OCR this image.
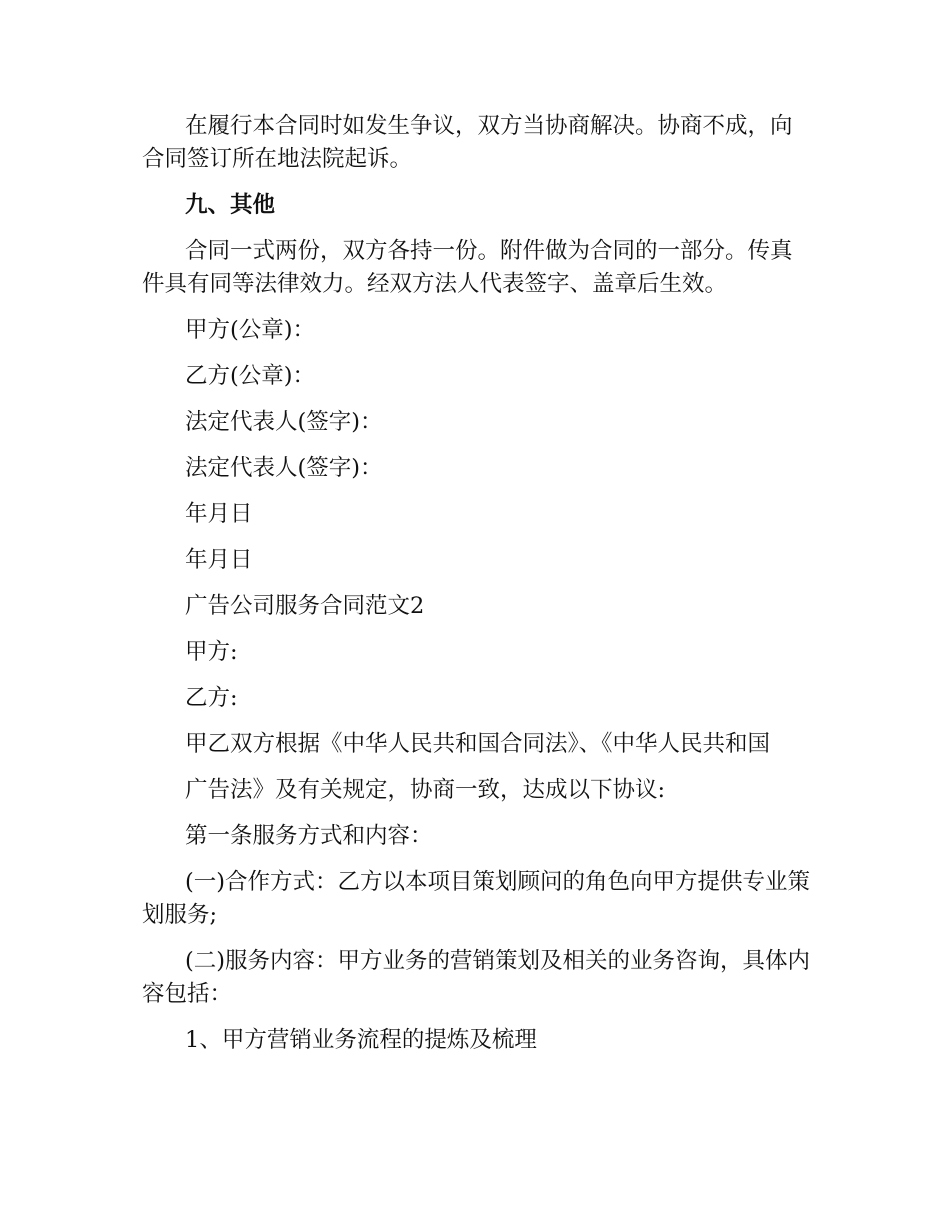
在履行本合同时如发生争议，双方当协商解决。协商不成，向合同签订所在地法院起诉。

九、其他

合同一式两份，双方各持一份。附件做为合同的一部分。传真件具有同等法律效力。经双方法人代表签字、盖章后生效。

甲方(公章)：

乙方(公章)：

法定代表人(签字)：

法定代表人(签字)：

年月日

年月日

广告公司服务合同范文2

甲方:

乙方:

甲乙双方根据《中华人民共和国合同法》、《中华人民共和国

广告法》及有关规定，协商一致，达成以下协议:

第一条服务方式和内容：

(一)合作方式：乙方以本项目策划顾问的角色向甲方提供专业策划服务;

(二)服务内容：甲方业务的营销策划及相关的业务咨询，具体内容包括：

1、甲方营销业务流程的提炼及梳理
